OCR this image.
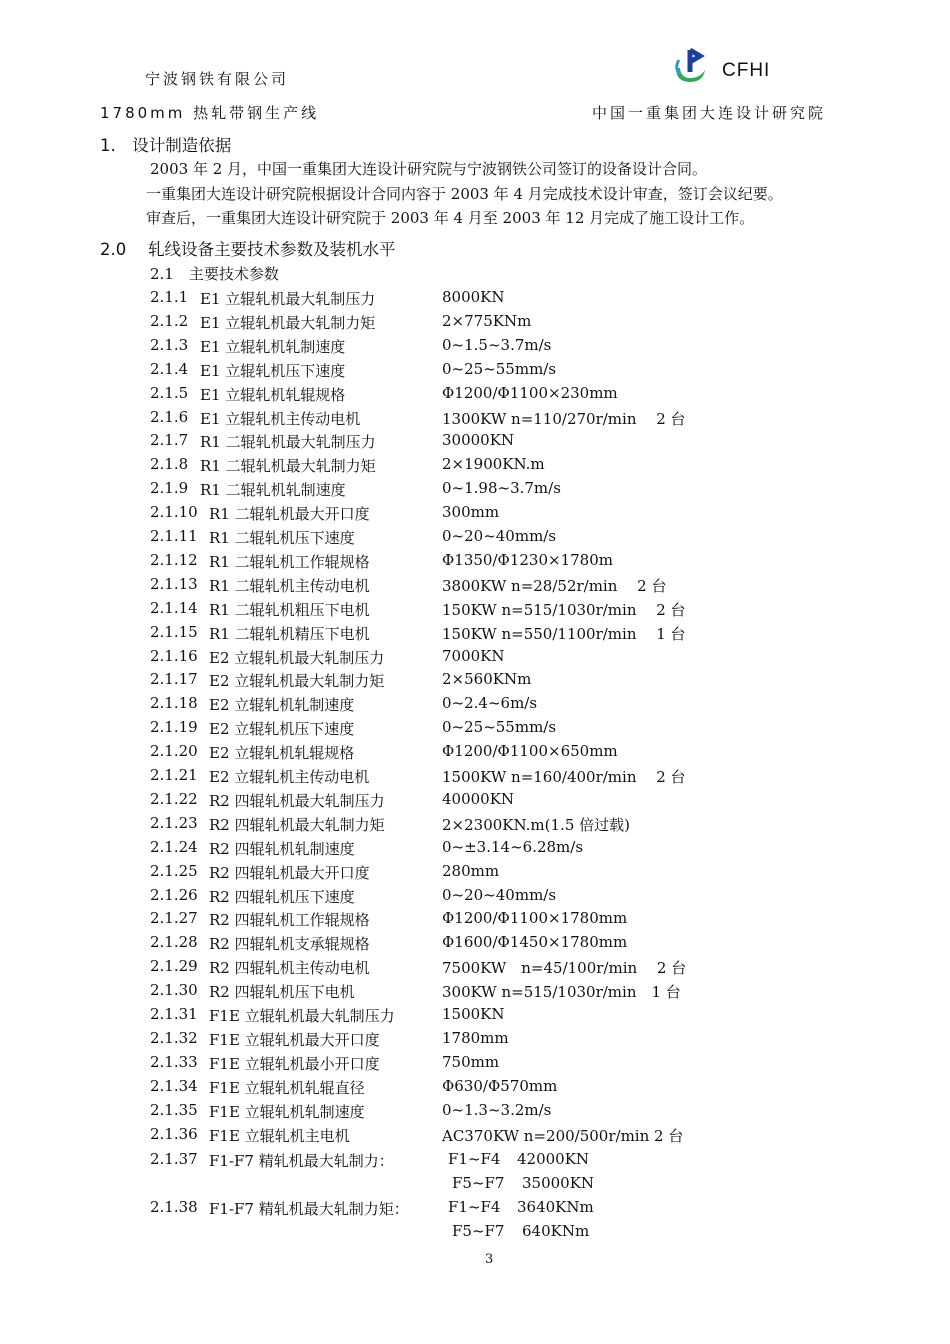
宁波钢铁有限公司	CFHI
1780mm 热轧带钢生产线	中国一重集团大连设计研究院
1.　设计制造依据
2003 年 2 月，中国一重集团大连设计研究院与宁波钢铁公司签订的设备设计合同。
一重集团大连设计研究院根据设计合同内容于 2003 年 4 月完成技术设计审查，签订会议纪要。
审查后，一重集团大连设计研究院于 2003 年 4 月至 2003 年 12 月完成了施工设计工作。
2.0　 轧线设备主要技术参数及装机水平
2.1　主要技术参数
2.1.1 E1 立辊轧机最大轧制压力	8000KN
2.1.2 E1 立辊轧机最大轧制力矩	2×775KNm
2.1.3 E1 立辊轧机轧制速度	0~1.5~3.7m/s
2.1.4 E1 立辊轧机压下速度	0~25~55mm/s
2.1.5 E1 立辊轧机轧辊规格	Φ1200/Φ1100×230mm
2.1.6 E1 立辊轧机主传动电机	1300KW n=110/270r/min　 2 台
2.1.7 R1 二辊轧机最大轧制压力	30000KN
2.1.8 R1 二辊轧机最大轧制力矩	2×1900KN.m
2.1.9 R1 二辊轧机轧制速度	0~1.98~3.7m/s
2.1.10 R1 二辊轧机最大开口度	300mm
2.1.11 R1 二辊轧机压下速度	0~20~40mm/s
2.1.12 R1 二辊轧机工作辊规格	Φ1350/Φ1230×1780m
2.1.13 R1 二辊轧机主传动电机	3800KW n=28/52r/min　 2 台
2.1.14 R1 二辊轧机粗压下电机	150KW n=515/1030r/min　 2 台
2.1.15 R1 二辊轧机精压下电机	150KW n=550/1100r/min　 1 台
2.1.16 E2 立辊轧机最大轧制压力	7000KN
2.1.17 E2 立辊轧机最大轧制力矩	2×560KNm
2.1.18 E2 立辊轧机轧制速度	0~2.4~6m/s
2.1.19 E2 立辊轧机压下速度	0~25~55mm/s
2.1.20 E2 立辊轧机轧辊规格	Φ1200/Φ1100×650mm
2.1.21 E2 立辊轧机主传动电机	1500KW n=160/400r/min　 2 台
2.1.22 R2 四辊轧机最大轧制压力	40000KN
2.1.23 R2 四辊轧机最大轧制力矩	2×2300KN.m(1.5 倍过载)
2.1.24 R2 四辊轧机轧制速度	0~±3.14~6.28m/s
2.1.25 R2 四辊轧机最大开口度	280mm
2.1.26 R2 四辊轧机压下速度	0~20~40mm/s
2.1.27 R2 四辊轧机工作辊规格	Φ1200/Φ1100×1780mm
2.1.28 R2 四辊轧机支承辊规格	Φ1600/Φ1450×1780mm
2.1.29 R2 四辊轧机主传动电机	7500KW　n=45/100r/min　 2 台
2.1.30 R2 四辊轧机压下电机	300KW n=515/1030r/min　1 台
2.1.31 F1E 立辊轧机最大轧制压力	1500KN
2.1.32 F1E 立辊轧机最大开口度	1780mm
2.1.33 F1E 立辊轧机最小开口度	750mm
2.1.34 F1E 立辊轧机轧辊直径	Φ630/Φ570mm
2.1.35 F1E 立辊轧机轧制速度	0~1.3~3.2m/s
2.1.36 F1E 立辊轧机主电机	AC370KW n=200/500r/min 2 台
2.1.37 F1-F7 精轧机最大轧制力：	F1~F4 42000KN
F5~F7 35000KN
2.1.38 F1-F7 精轧机最大轧制力矩：	F1~F4 3640KNm
F5~F7 640KNm
3
